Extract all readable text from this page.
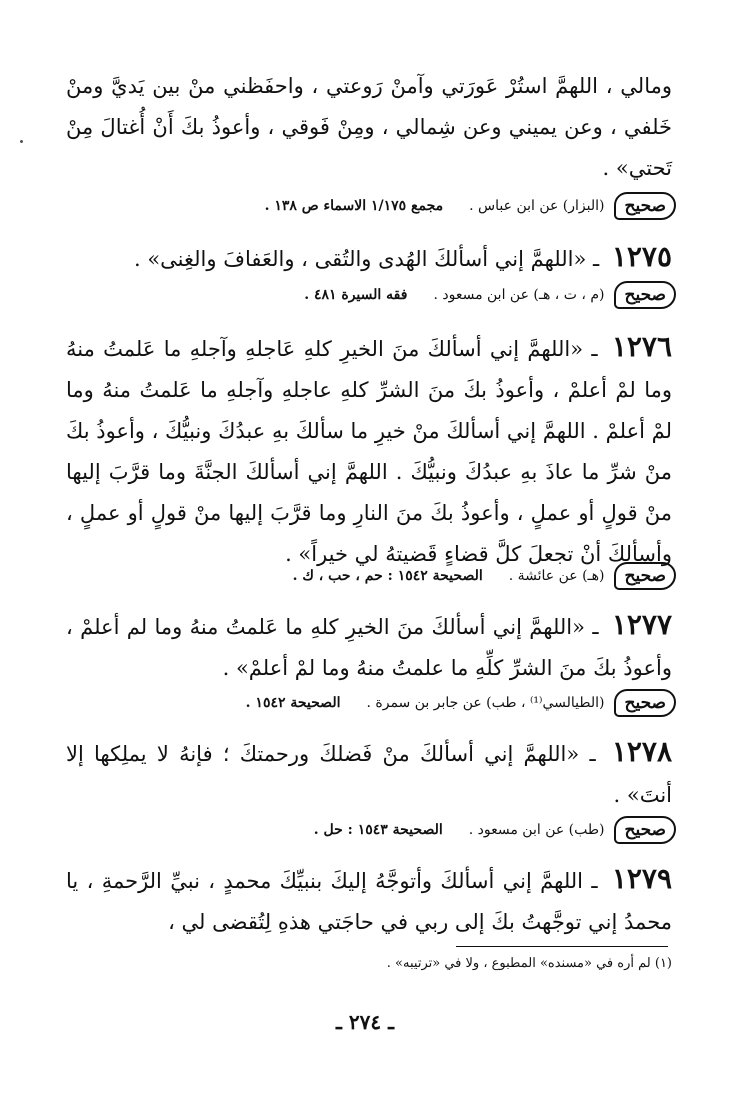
ومالي ، اللهمَّ استُرْ عَورَتي وآمنْ رَوعتي ، واحفَظني منْ بين يَديَّ ومنْ خَلفي ، وعن يميني وعن شِمالي ، ومِنْ فَوقي ، وأعوذُ بكَ أَنْ أُغتالَ مِنْ تَحتي» .
صحيح
(البزار) عن ابن عباس .
مجمع ١/١٧٥ الاسماء ص ١٣٨ .
١٢٧٥ ـ «اللهمَّ إني أسألكَ الهُدى والتُقى ، والعَفافَ والغِنى» .
صحيح
(م ، ت ، هـ) عن ابن مسعود .
فقه السيرة ٤٨١ .
١٢٧٦ ـ «اللهمَّ إني أسألكَ منَ الخيرِ كلهِ عَاجلهِ وآجلهِ ما عَلمتُ منهُ وما لمْ أعلمْ ، وأعوذُ بكَ منَ الشرِّ كلهِ عاجلهِ وآجلهِ ما عَلمتُ منهُ وما لمْ أعلمْ . اللهمَّ إني أسألكَ منْ خيرِ ما سألكَ بهِ عبدُكَ ونبيُّكَ ، وأعوذُ بكَ منْ شرِّ ما عاذَ بهِ عبدُكَ ونبيُّكَ . اللهمَّ إني أسألكَ الجنَّةَ وما قرَّبَ إليها منْ قولٍ أو عملٍ ، وأعوذُ بكَ منَ النارِ وما قرَّبَ إليها منْ قولٍ أو عملٍ ، وأسألكَ أنْ تجعلَ كلَّ قضاءٍ قَضيتهُ لي خيراً» .
صحيح
(هـ) عن عائشة .
الصحيحة ١٥٤٢ : حم ، حب ، ك .
١٢٧٧ ـ «اللهمَّ إني أسألكَ منَ الخيرِ كلهِ ما عَلمتُ منهُ وما لم أعلمْ ، وأعوذُ بكَ منَ الشرِّ كلِّهِ ما علمتُ منهُ وما لمْ أعلمْ» .
صحيح
(الطيالسي⁽¹⁾ ، طب) عن جابر بن سمرة .
الصحيحة ١٥٤٢ .
١٢٧٨ ـ «اللهمَّ إني أسألكَ منْ فَضلكَ ورحمتكَ ؛ فإنهُ لا يملِكها إلا أنتَ» .
صحيح
(طب) عن ابن مسعود .
الصحيحة ١٥٤٣ : حل .
١٢٧٩ ـ اللهمَّ إني أسألكَ وأتوجَّهُ إليكَ بنبيِّكَ محمدٍ ، نبيِّ الرَّحمةِ ، يا محمدُ إني توجَّهتُ بكَ إلى ربي في حاجَتي هذهِ لِتُقضى لي ،
(١) لم أره في «مسنده» المطبوع ، ولا في «ترتيبه» .
ـ ٢٧٤ ـ
